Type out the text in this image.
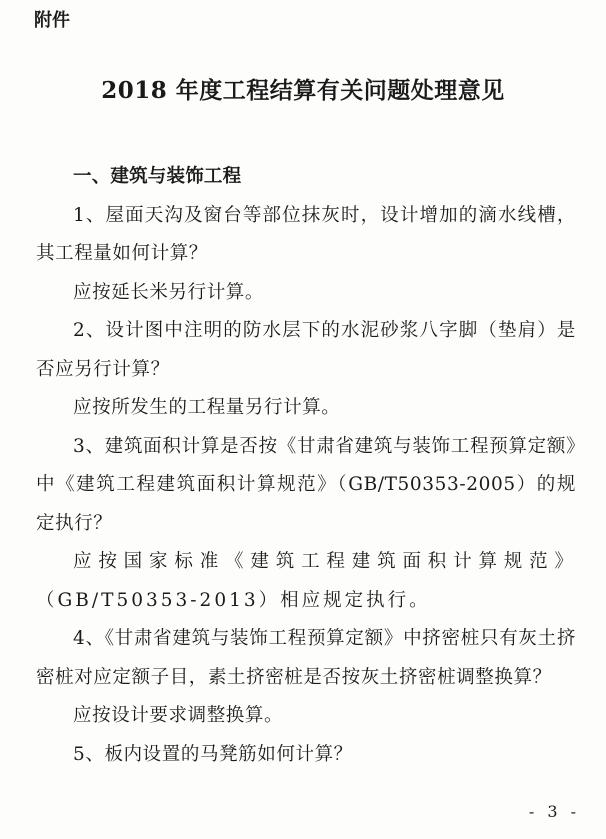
附件
2018 年度工程结算有关问题处理意见

一、建筑与装饰工程

1、屋面天沟及窗台等部位抹灰时，设计增加的滴水线槽，其工程量如何计算？

应按延长米另行计算。

2、设计图中注明的防水层下的水泥砂浆八字脚（垫肩）是否应另行计算？

应按所发生的工程量另行计算。

3、建筑面积计算是否按《甘肃省建筑与装饰工程预算定额》中《建筑工程建筑面积计算规范》（GB/T50353-2005）的规定执行？

应按国家标准《建筑工程建筑面积计算规范》（GB/T50353-2013）相应规定执行。

4、《甘肃省建筑与装饰工程预算定额》中挤密桩只有灰土挤密桩对应定额子目，素土挤密桩是否按灰土挤密桩调整换算？

应按设计要求调整换算。

5、板内设置的马凳筋如何计算？

- 3 -
